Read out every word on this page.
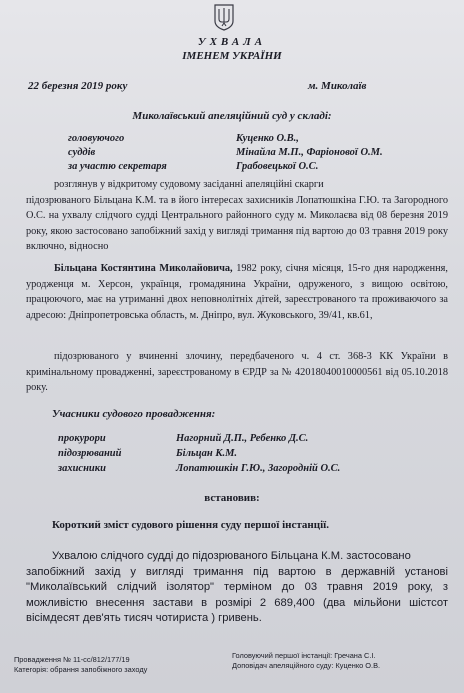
УХВАЛА
ІМЕНЕМ УКРАЇНИ
22 березня 2019 року	м. Миколаїв
Миколаївський апеляційний суд у складі:
головуючого	Куценко О.В.,
суддів	Мінайла М.П., Фаріонової О.М.
за участю секретаря	Грабовецької О.С.
розглянув у відкритому судовому засіданні апеляційні скарги
підозрюваного Більцана К.М. та в його інтересах захисників Лопатюшкіна Г.Ю. та Загородного О.С. на ухвалу слідчого судді Центрального районного суду м. Миколаєва від 08 березня 2019 року, якою застосовано запобіжний захід у вигляді тримання під вартою до 03 травня 2019 року включно, відносно
Більцана Костянтина Миколайовича, 1982 року, січня місяця, 15-го дня народження, уродженця м. Херсон, українця, громадянина України, одруженого, з вищою освітою, працюючого, має на утриманні двох неповнолітніх дітей, зареєстрованого та проживаючого за адресою: Дніпропетровська область, м. Дніпро, вул. Жуковського, 39/41, кв.61,
підозрюваного у вчиненні злочину, передбаченого ч. 4 ст. 368-3 КК України в кримінальному провадженні, зареєстрованому в ЄРДР за № 42018040010000561 від 05.10.2018 року.
Учасники судового провадження:
прокурори	Нагорний Д.П., Ребенко Д.С.
підозрюваний	Більцан К.М.
захисники	Лопатюшкін Г.Ю., Загородній О.С.
встановив:
Короткий зміст судового рішення суду першої інстанції.
Ухвалою слідчого судді до підозрюваного Більцана К.М. застосовано
запобіжний захід у вигляді тримання під вартою в державній установі "Миколаївський слідчий ізолятор" терміном до 03 травня 2019 року, з можливістю внесення застави в розмірі 2 689,400 (два мільйони шістсот вісімдесят дев'ять тисяч чотириста ) гривень.
Провадження № 11-сс/812/177/19
Категорія: обрання запобіжного заходу
Головуючий першої інстанції: Гречана С.І.
Доповідач апеляційного суду: Куценко О.В.
